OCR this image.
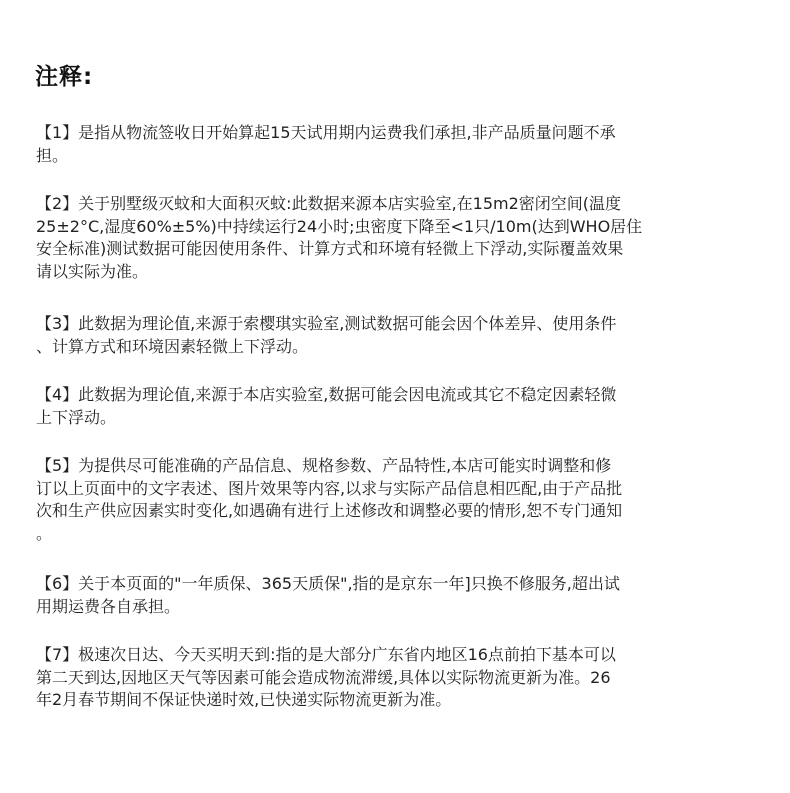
注释:
【1】是指从物流签收日开始算起15天试用期内运费我们承担,非产品质量问题不承
担。
【2】关于别墅级灭蚊和大面积灭蚊:此数据来源本店实验室,在15m2密闭空间(温度
25±2°C,湿度60%±5%)中持续运行24小时;虫密度下降至<1只/10m(达到WHO居住
安全标准)测试数据可能因使用条件、计算方式和环境有轻微上下浮动,实际覆盖效果
请以实际为准。
【3】此数据为理论值,来源于索樱琪实验室,测试数据可能会因个体差异、使用条件
、计算方式和环境因素轻微上下浮动。
【4】此数据为理论值,来源于本店实验室,数据可能会因电流或其它不稳定因素轻微
上下浮动。
【5】为提供尽可能准确的产品信息、规格参数、产品特性,本店可能实时调整和修
订以上页面中的文字表述、图片效果等内容,以求与实际产品信息相匹配,由于产品批
次和生产供应因素实时变化,如遇确有进行上述修改和调整必要的情形,恕不专门通知
。
【6】关于本页面的"一年质保、365天质保",指的是京东一年]只换不修服务,超出试
用期运费各自承担。
【7】极速次日达、今天买明天到:指的是大部分广东省内地区16点前拍下基本可以
第二天到达,因地区天气等因素可能会造成物流滞缓,具体以实际物流更新为准。26
年2月春节期间不保证快递时效,已快递实际物流更新为准。
